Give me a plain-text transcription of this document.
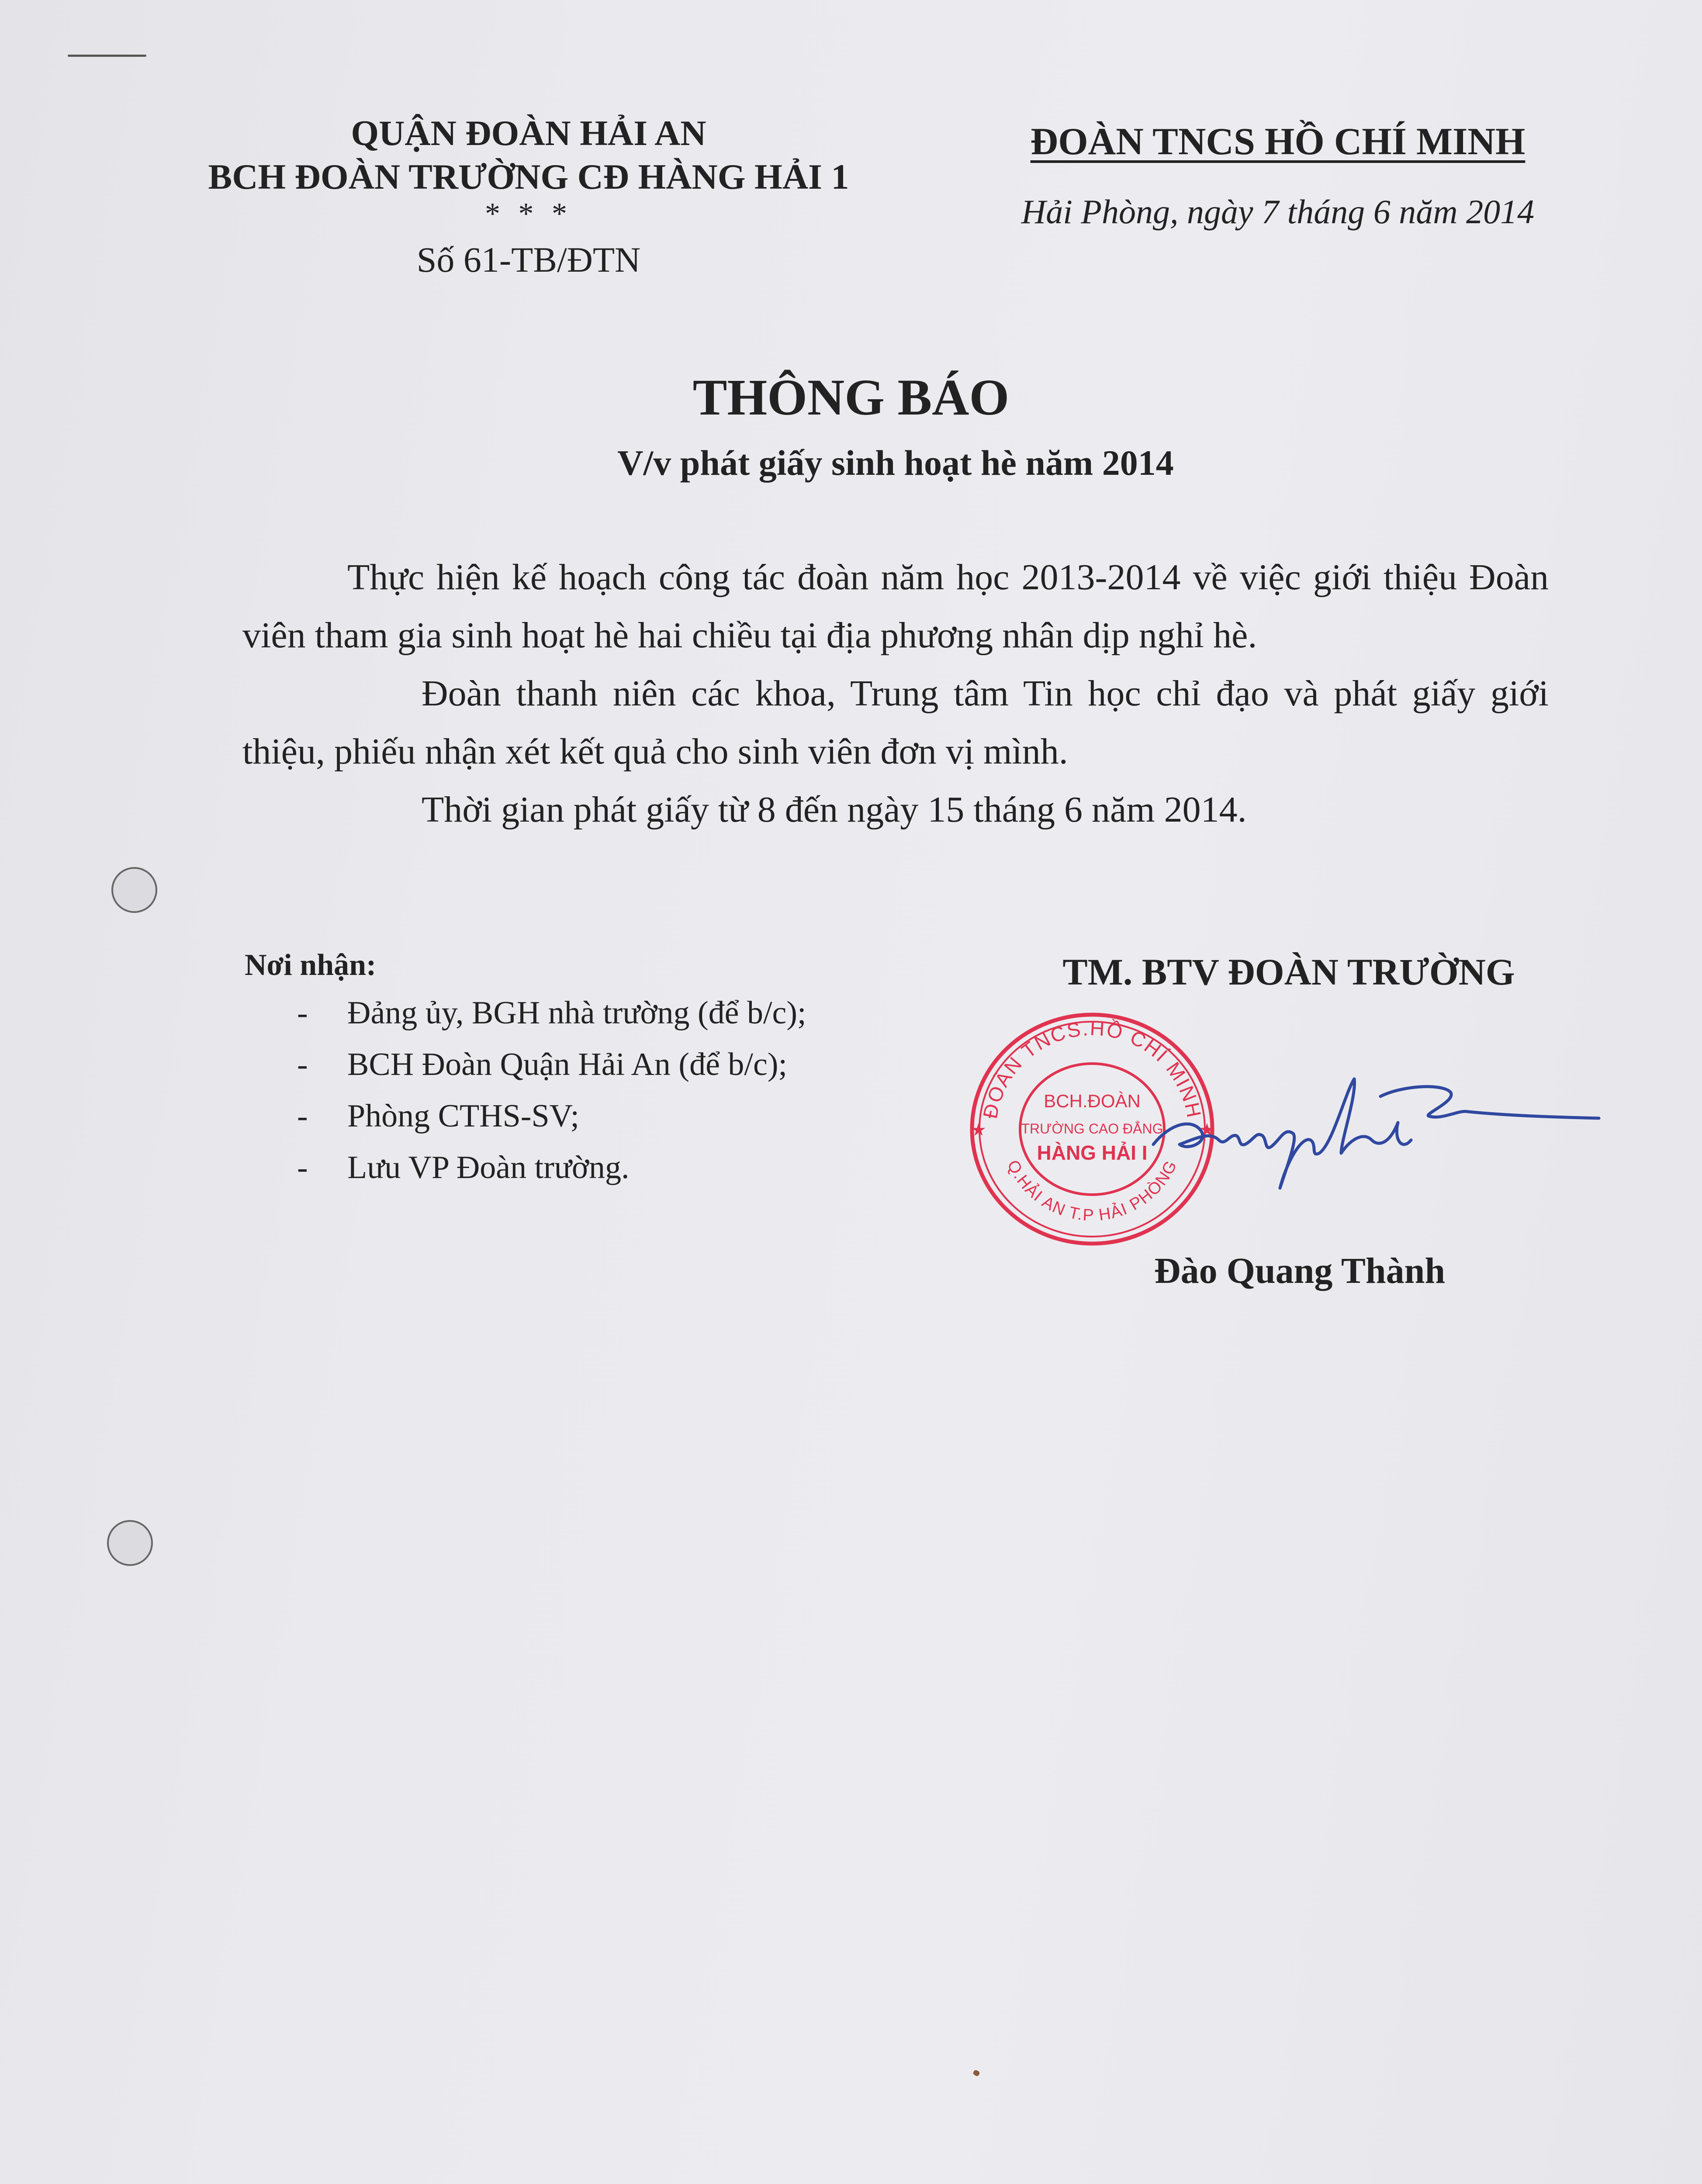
QUẬN ĐOÀN HẢI AN
BCH ĐOÀN TRƯỜNG CĐ HÀNG HẢI 1
* * *
Số 61-TB/ĐTN
ĐOÀN TNCS HỒ CHÍ MINH
Hải Phòng, ngày 7 tháng 6 năm 2014
THÔNG BÁO
V/v phát giấy sinh hoạt hè năm 2014

Thực hiện kế hoạch công tác đoàn năm học 2013-2014 về việc giới thiệu Đoàn viên tham gia sinh hoạt hè hai chiều tại địa phương nhân dịp nghỉ hè.

Đoàn thanh niên các khoa, Trung tâm Tin học chỉ đạo và phát giấy giới thiệu, phiếu nhận xét kết quả cho sinh viên đơn vị mình.

Thời gian phát giấy từ 8 đến ngày 15 tháng 6 năm 2014.

Nơi nhận:
- Đảng ủy, BGH nhà trường (để b/c);
- BCH Đoàn Quận Hải An (để b/c);
- Phòng CTHS-SV;
- Lưu VP Đoàn trường.
TM. BTV ĐOÀN TRƯỜNG
ĐOÀN TNCS.HỒ CHÍ MINH
Q.HẢI AN T.P HẢI PHÒNG
★	★
BCH.ĐOÀN
TRƯỜNG CAO ĐẲNG
HÀNG HẢI I
Đào Quang Thành
